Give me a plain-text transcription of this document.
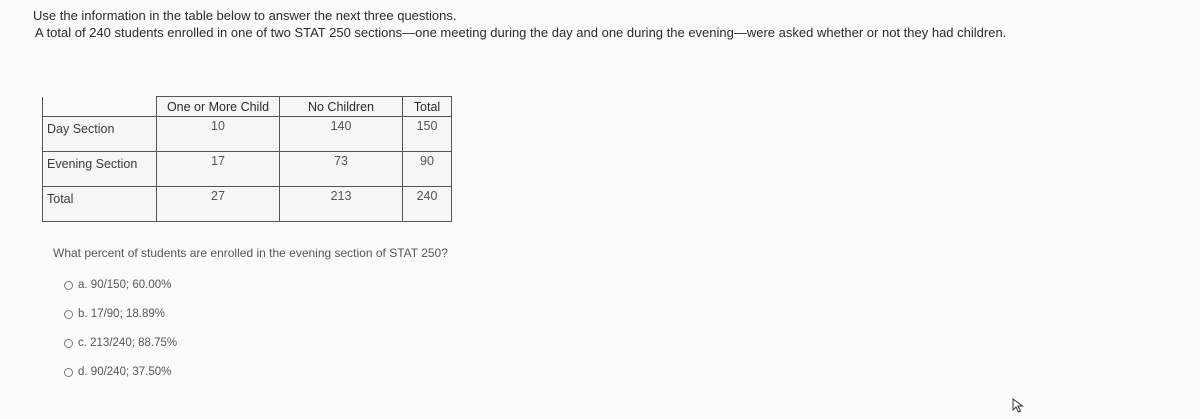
Use the information in the table below to answer the next three questions.
A total of 240 students enrolled in one of two STAT 250 sections—one meeting during the day and one during the evening—were asked whether or not they had children.
	One or More Child	No Children	Total
Day Section	10	140	150
Evening Section	17	73	90
Total	27	213	240
What percent of students are enrolled in the evening section of STAT 250?
a. 90/150; 60.00%
b. 17/90; 18.89%
c. 213/240; 88.75%
d. 90/240; 37.50%
